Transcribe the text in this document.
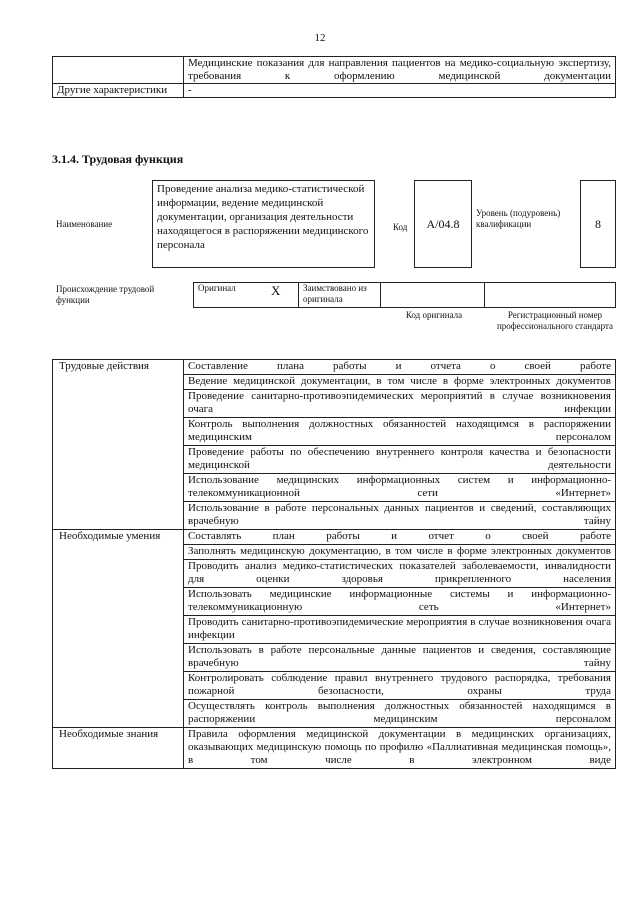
12
	Медицинские показания для направления пациентов на медико-социальную экспертизу, требования к оформлению медицинской документации
Другие характеристики	-
3.1.4. Трудовая функция
Наименование
Проведение анализа медико-статистической информации, ведение медицинской документации, организация деятельности находящегося в распоряжении медицинского персонала
Код	A/04.8
Уровень (подуровень) квалификации	8
Происхождение трудовой функции
Оригинал	X	Заимствовано из оригинала		
Код оригинала	Регистрационный номер профессионального стандарта
Трудовые действия	Составление плана работы и отчета о своей работе
	Ведение медицинской документации, в том числе в форме электронных документов
	Проведение санитарно-противоэпидемических мероприятий в случае возникновения очага инфекции
	Контроль выполнения должностных обязанностей находящимся в распоряжении медицинским персоналом
	Проведение работы по обеспечению внутреннего контроля качества и безопасности медицинской деятельности
	Использование медицинских информационных систем и информационно-телекоммуникационной сети «Интернет»
	Использование в работе персональных данных пациентов и сведений, составляющих врачебную тайну
Необходимые умения	Составлять план работы и отчет о своей работе
	Заполнять медицинскую документацию, в том числе в форме электронных документов
	Проводить анализ медико-статистических показателей заболеваемости, инвалидности для оценки здоровья прикрепленного населения
	Использовать медицинские информационные системы и информационно-телекоммуникационную сеть «Интернет»
	Проводить санитарно-противоэпидемические мероприятия в случае возникновения очага инфекции
	Использовать в работе персональные данные пациентов и сведения, составляющие врачебную тайну
	Контролировать соблюдение правил внутреннего трудового распорядка, требования пожарной безопасности, охраны труда
	Осуществлять контроль выполнения должностных обязанностей находящимся в распоряжении медицинским персоналом
Необходимые знания	Правила оформления медицинской документации в медицинских организациях, оказывающих медицинскую помощь по профилю «Паллиативная медицинская помощь», в том числе в электронном виде
